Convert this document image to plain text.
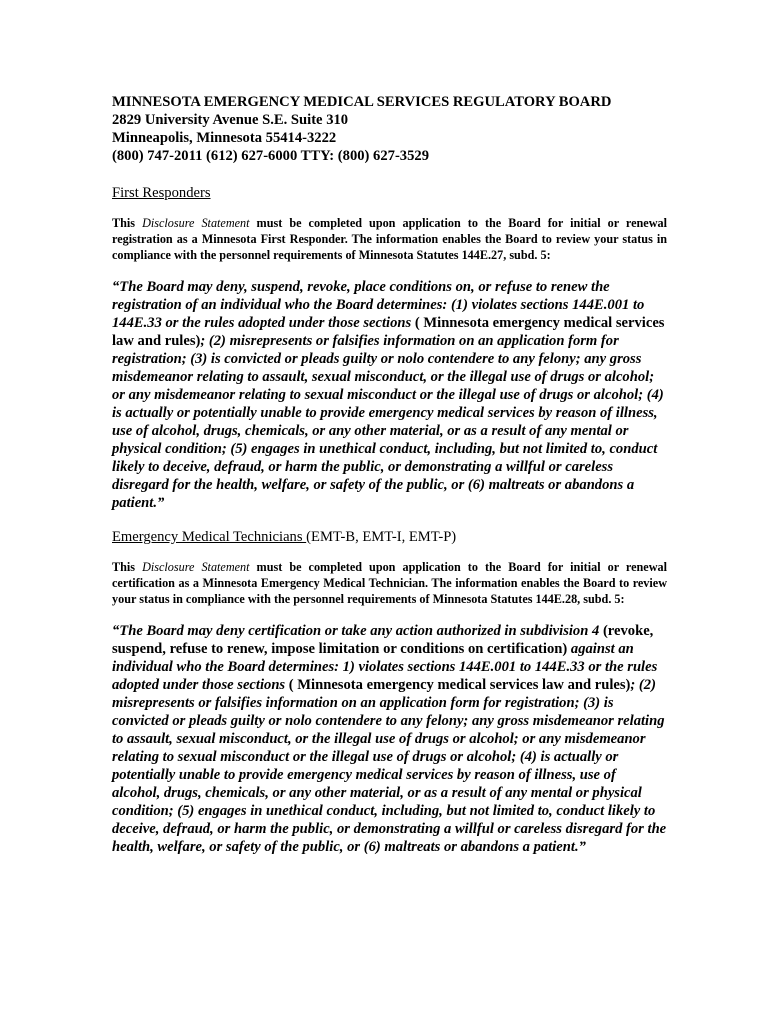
MINNESOTA EMERGENCY MEDICAL SERVICES REGULATORY BOARD
2829 University Avenue S.E. Suite 310
Minneapolis, Minnesota 55414-3222
(800) 747-2011 (612) 627-6000 TTY: (800) 627-3529
First Responders
This Disclosure Statement must be completed upon application to the Board for initial or renewal registration as a Minnesota First Responder. The information enables the Board to review your status in compliance with the personnel requirements of Minnesota Statutes 144E.27, subd. 5:
“The Board may deny, suspend, revoke, place conditions on, or refuse to renew the registration of an individual who the Board determines: (1) violates sections 144E.001 to 144E.33 or the rules adopted under those sections ( Minnesota emergency medical services law and rules); (2) misrepresents or falsifies information on an application form for registration; (3) is convicted or pleads guilty or nolo contendere to any felony; any gross misdemeanor relating to assault, sexual misconduct, or the illegal use of drugs or alcohol; or any misdemeanor relating to sexual misconduct or the illegal use of drugs or alcohol; (4) is actually or potentially unable to provide emergency medical services by reason of illness, use of alcohol, drugs, chemicals, or any other material, or as a result of any mental or physical condition; (5) engages in unethical conduct, including, but not limited to, conduct likely to deceive, defraud, or harm the public, or demonstrating a willful or careless disregard for the health, welfare, or safety of the public, or (6) maltreats or abandons a patient.”
Emergency Medical Technicians (EMT-B, EMT-I, EMT-P)
This Disclosure Statement must be completed upon application to the Board for initial or renewal certification as a Minnesota Emergency Medical Technician. The information enables the Board to review your status in compliance with the personnel requirements of Minnesota Statutes 144E.28, subd. 5:
“The Board may deny certification or take any action authorized in subdivision 4 (revoke, suspend, refuse to renew, impose limitation or conditions on certification) against an individual who the Board determines: 1) violates sections 144E.001 to 144E.33 or the rules adopted under those sections ( Minnesota emergency medical services law and rules); (2) misrepresents or falsifies information on an application form for registration; (3) is convicted or pleads guilty or nolo contendere to any felony; any gross misdemeanor relating to assault, sexual misconduct, or the illegal use of drugs or alcohol; or any misdemeanor relating to sexual misconduct or the illegal use of drugs or alcohol; (4) is actually or potentially unable to provide emergency medical services by reason of illness, use of alcohol, drugs, chemicals, or any other material, or as a result of any mental or physical condition; (5) engages in unethical conduct, including, but not limited to, conduct likely to deceive, defraud, or harm the public, or demonstrating a willful or careless disregard for the health, welfare, or safety of the public, or (6) maltreats or abandons a patient.”
